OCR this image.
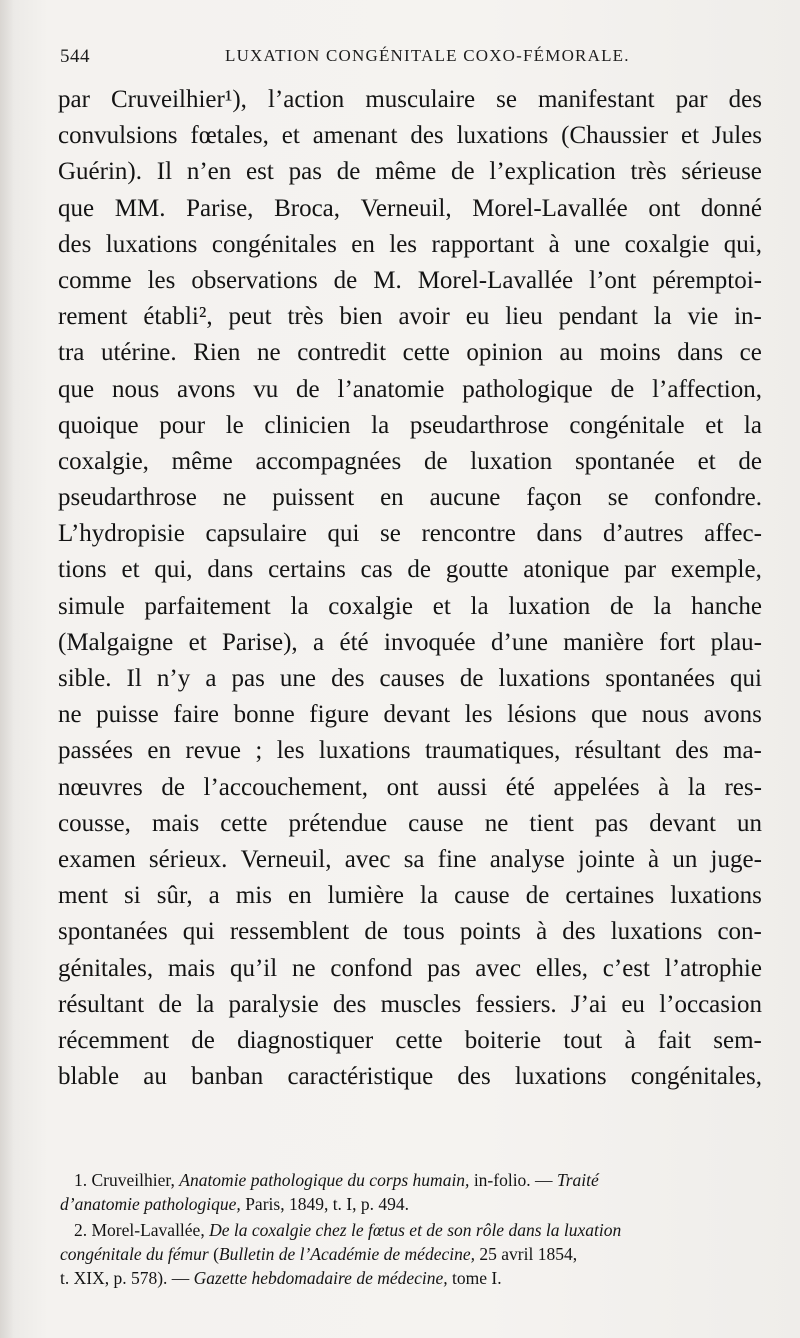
544	LUXATION CONGÉNITALE COXO-FÉMORALE.
par Cruveilhier¹), l’action musculaire se manifestant par des
convulsions fœtales, et amenant des luxations (Chaussier et Jules
Guérin). Il n’en est pas de même de l’explication très sérieuse
que MM. Parise, Broca, Verneuil, Morel-Lavallée ont donné
des luxations congénitales en les rapportant à une coxalgie qui,
comme les observations de M. Morel-Lavallée l’ont péremptoi-
rement établi², peut très bien avoir eu lieu pendant la vie in-
tra utérine. Rien ne contredit cette opinion au moins dans ce
que nous avons vu de l’anatomie pathologique de l’affection,
quoique pour le clinicien la pseudarthrose congénitale et la
coxalgie, même accompagnées de luxation spontanée et de
pseudarthrose ne puissent en aucune façon se confondre.
L’hydropisie capsulaire qui se rencontre dans d’autres affec-
tions et qui, dans certains cas de goutte atonique par exemple,
simule parfaitement la coxalgie et la luxation de la hanche
(Malgaigne et Parise), a été invoquée d’une manière fort plau-
sible. Il n’y a pas une des causes de luxations spontanées qui
ne puisse faire bonne figure devant les lésions que nous avons
passées en revue ; les luxations traumatiques, résultant des ma-
nœuvres de l’accouchement, ont aussi été appelées à la res-
cousse, mais cette prétendue cause ne tient pas devant un
examen sérieux. Verneuil, avec sa fine analyse jointe à un juge-
ment si sûr, a mis en lumière la cause de certaines luxations
spontanées qui ressemblent de tous points à des luxations con-
génitales, mais qu’il ne confond pas avec elles, c’est l’atrophie
résultant de la paralysie des muscles fessiers. J’ai eu l’occasion
récemment de diagnostiquer cette boiterie tout à fait sem-
blable au banban caractéristique des luxations congénitales,
1. Cruveilhier, Anatomie pathologique du corps humain, in-folio. — Traité
d’anatomie pathologique, Paris, 1849, t. I, p. 494.
2. Morel-Lavallée, De la coxalgie chez le fœtus et de son rôle dans la luxation
congénitale du fémur (Bulletin de l’Académie de médecine, 25 avril 1854,
t. XIX, p. 578). — Gazette hebdomadaire de médecine, tome I.
